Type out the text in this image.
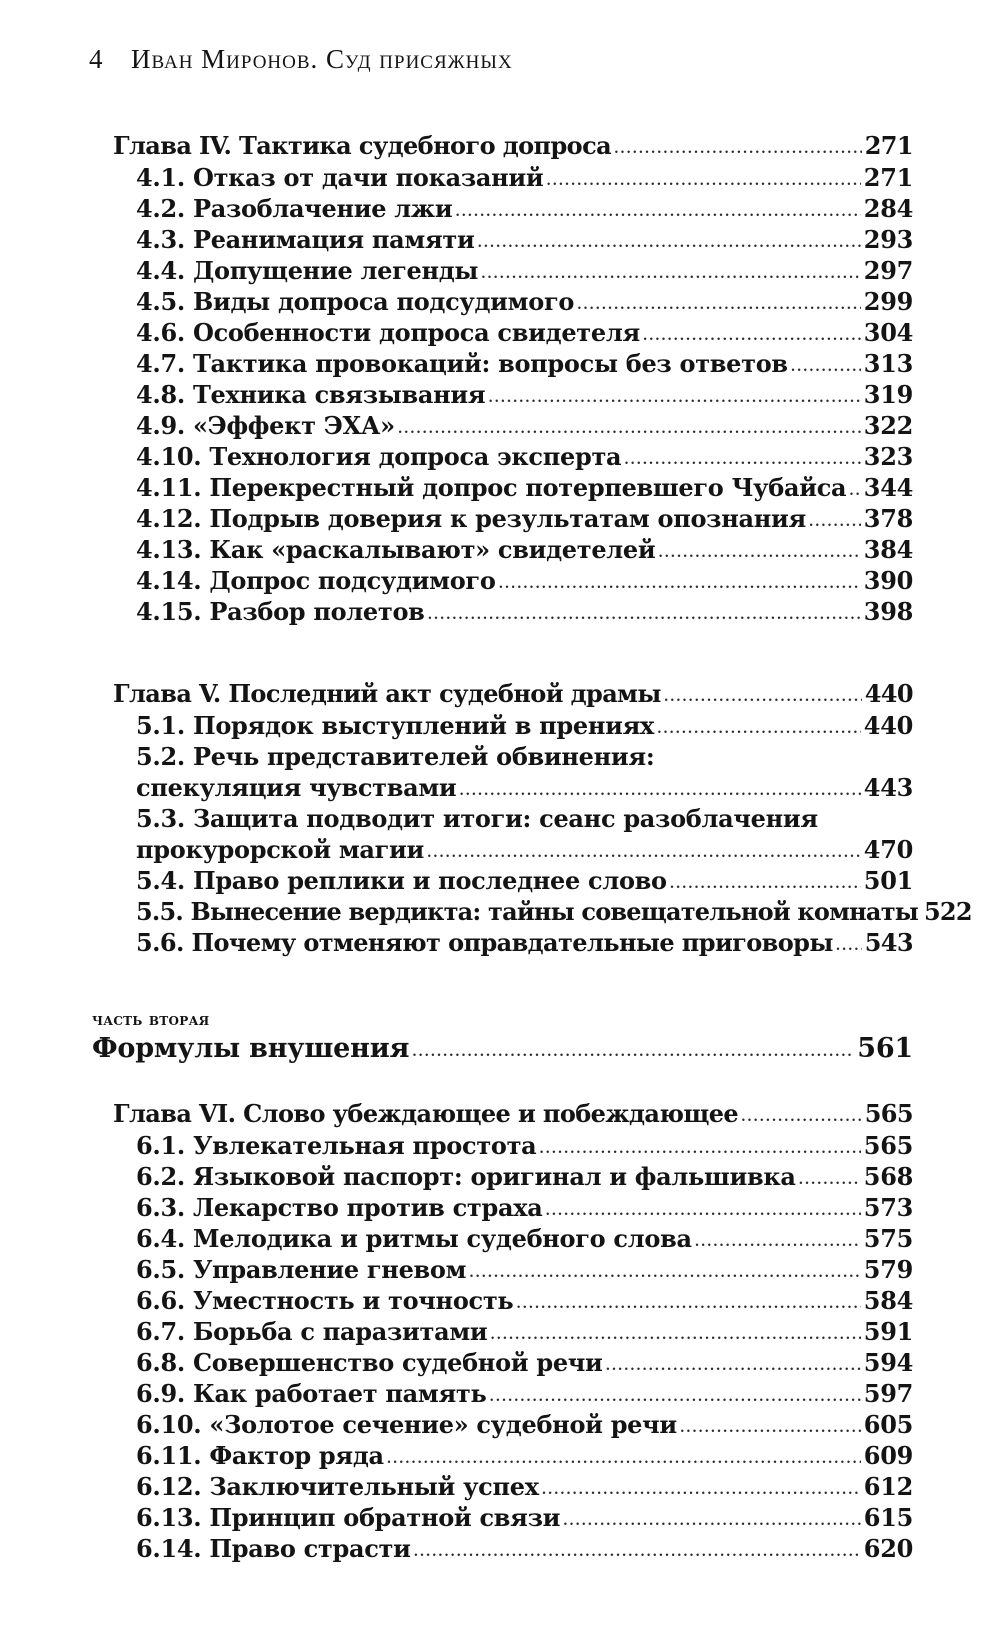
4 Иван Миронов. Суд присяжных
Глава IV. Тактика судебного допроса .....	271
4.1. Отказ от дачи показаний .....	271
4.2. Разоблачение лжи .....	284
4.3. Реанимация памяти .....	293
4.4. Допущение легенды .....	297
4.5. Виды допроса подсудимого .....	299
4.6. Особенности допроса свидетеля .....	304
4.7. Тактика провокаций: вопросы без ответов .....	313
4.8. Техника связывания .....	319
4.9. «Эффект ЭХА» .....	322
4.10. Технология допроса эксперта .....	323
4.11. Перекрестный допрос потерпевшего Чубайса ..... 344
4.12. Подрыв доверия к результатам опознания ..... 378
4.13. Как «раскалывают» свидетелей .....	384
4.14. Допрос подсудимого .....	390
4.15. Разбор полетов .....	398
Глава V. Последний акт судебной драмы .....	440
5.1. Порядок выступлений в прениях .....	440
5.2. Речь представителей обвинения:
спекуляция чувствами .....	443
5.3. Защита подводит итоги: сеанс разоблачения
прокурорской магии .....	470
5.4. Право реплики и последнее слово .....	501
5.5. Вынесение вердикта: тайны совещательной комнаты 522
5.6. Почему отменяют оправдательные приговоры ..... 543
часть вторая
Формулы внушения .....	561
Глава VI. Слово убеждающее и побеждающее .....	565
6.1. Увлекательная простота .....	565
6.2. Языковой паспорт: оригинал и фальшивка .....	568
6.3. Лекарство против страха .....	573
6.4. Мелодика и ритмы судебного слова .....	575
6.5. Управление гневом .....	579
6.6. Уместность и точность .....	584
6.7. Борьба с паразитами .....	591
6.8. Совершенство судебной речи .....	594
6.9. Как работает память .....	597
6.10. «Золотое сечение» судебной речи .....	605
6.11. Фактор ряда .....	609
6.12. Заключительный успех .....	612
6.13. Принцип обратной связи .....	615
6.14. Право страсти .....	620
